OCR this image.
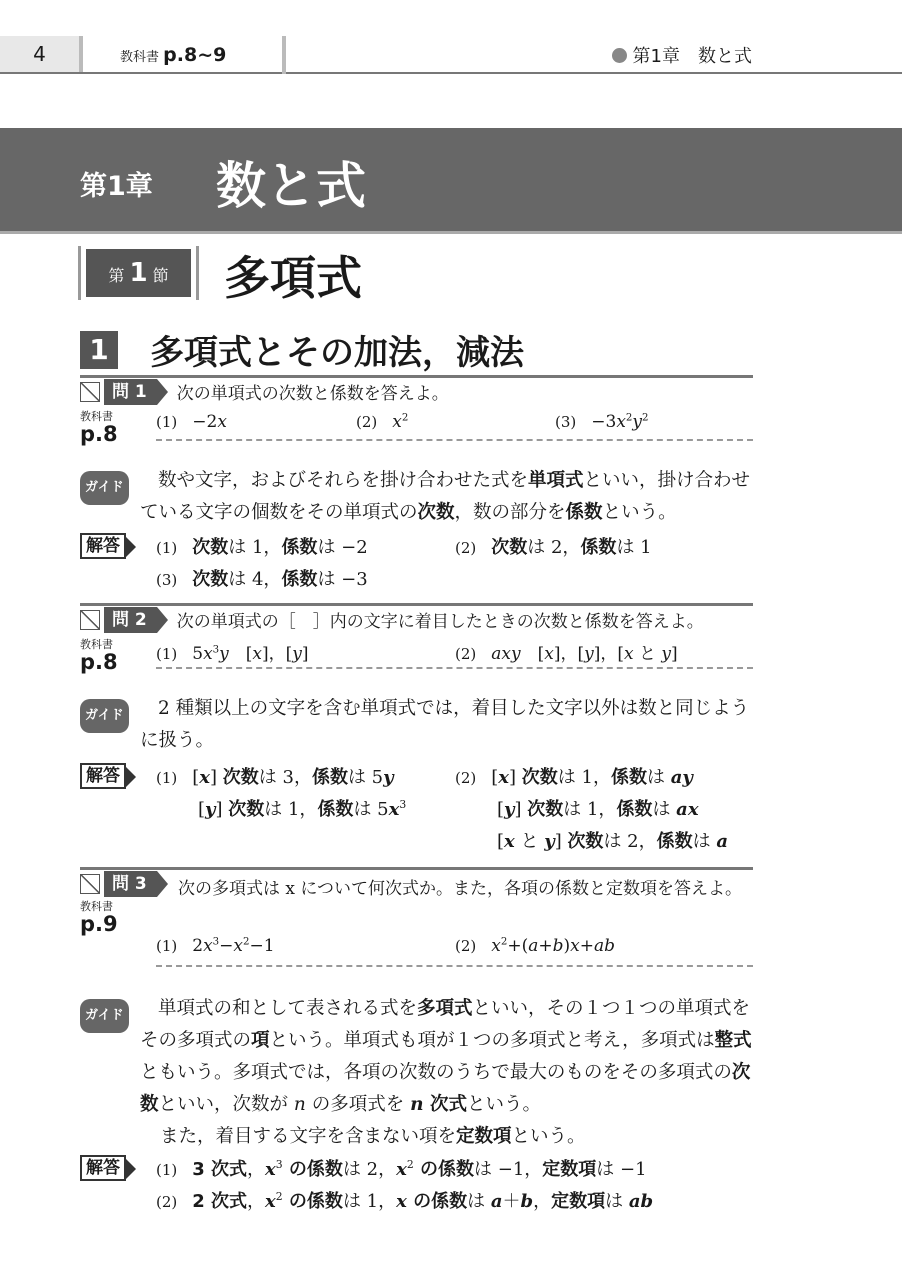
4	教科書 p.8~9	第1章　数と式
第1章 数と式
第 1 節	多項式
1 多項式とその加法，減法
問 1	次の単項式の次数と係数を答えよ。
教科書
p.8	(1)　−2x	(2)　$x^2$	(3)　$-3x^2y^2$
ガイド 数や文字，およびそれらを掛け合わせた式を単項式といい，掛け合わせている文字の個数をその単項式の次数，数の部分を係数という。
解答	(1)　次数は 1，係数は −2	(2)　次数は 2，係数は 1
(3)　次数は 4，係数は −3
問 2	次の単項式の［　］内の文字に着目したときの次数と係数を答えよ。
教科書
p.8	(1)　$5x^3y$　[x]，[y]	(2)　axy　[x]，[y]，[x と y]
ガイド 2 種類以上の文字を含む単項式では，着目した文字以外は数と同じように扱う。
解答	(1)　[x] 次数は 3，係数は 5y
[y] 次数は 1，係数は $5x^3$
(2)　[x] 次数は 1，係数は ay
[y] 次数は 1，係数は ax
[x と y] 次数は 2，係数は a
問 3	次の多項式は x について何次式か。また，各項の係数と定数項を答えよ。
教科書
p.9
(1)　$2x^3-x^2-1$	(2)　$x^2+(a+b)x+ab$
ガイド 単項式の和として表される式を多項式といい，その１つ１つの単項式をその多項式の項という。単項式も項が１つの多項式と考え，多項式は整式ともいう。多項式では，各項の次数のうちで最大のものをその多項式の次数といい，次数が n の多項式を n 次式という。
また，着目する文字を含まない項を定数項という。
解答	(1)　3 次式，$x^3$ の係数は 2，$x^2$ の係数は −1，定数項は −1
(2)　2 次式，$x^2$ の係数は 1，x の係数は a＋b，定数項は ab
